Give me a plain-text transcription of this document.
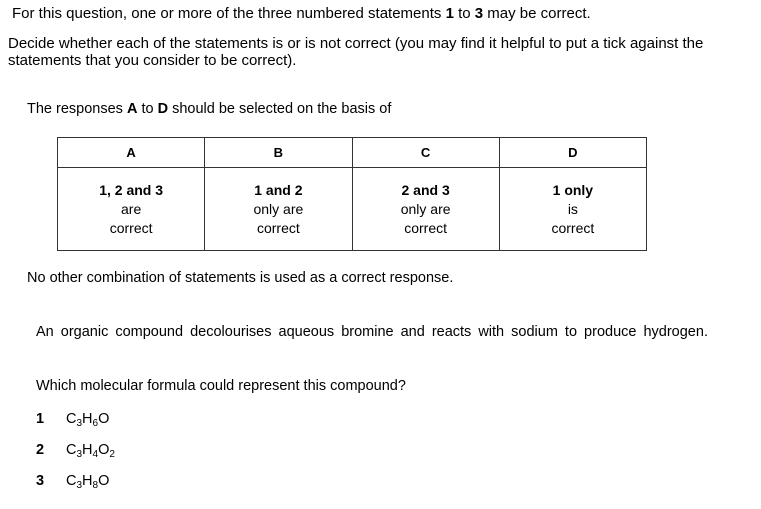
For this question, one or more of the three numbered statements 1 to 3 may be correct.
Decide whether each of the statements is or is not correct (you may find it helpful to put a tick against the statements that you consider to be correct).
The responses A to D should be selected on the basis of
A	B	C	D

1, 2 and 3
are
correct	1 and 2
only are
correct	2 and 3
only are
correct	1 only
is
correct
No other combination of statements is used as a correct response.
An organic compound decolourises aqueous bromine and reacts with sodium to produce hydrogen.
Which molecular formula could represent this compound?
1 $C_3H_6O$
2 $C_3H_4O_2$
3 $C_3H_8O$
